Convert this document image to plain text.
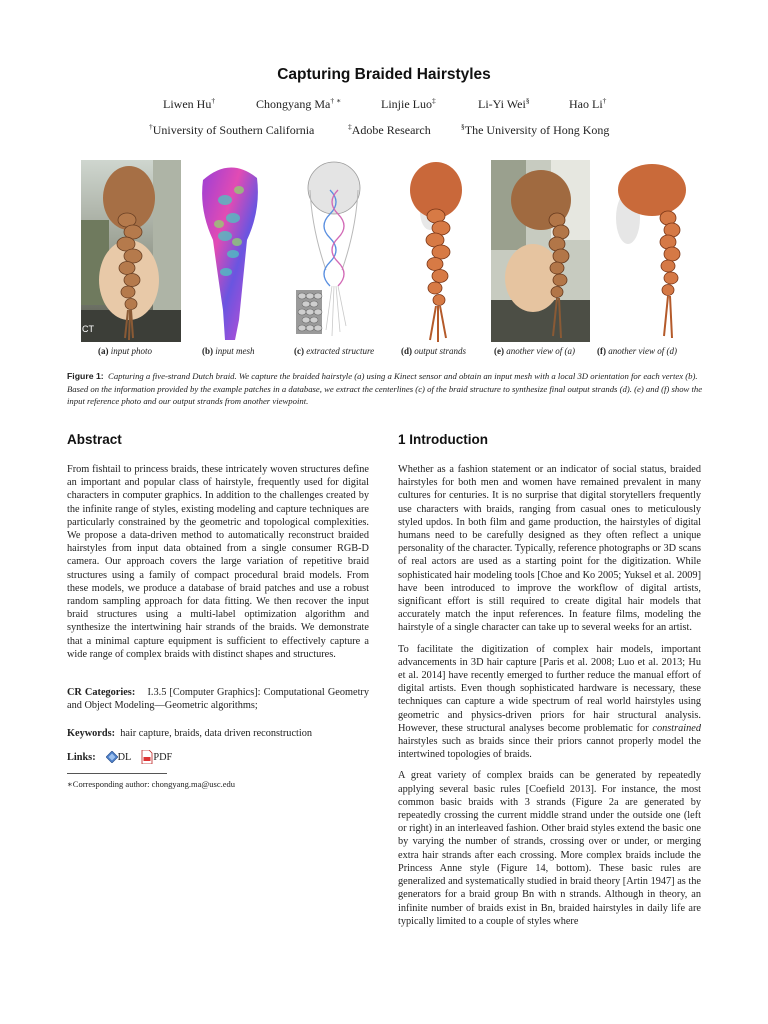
Capturing Braided Hairstyles
Liwen Hu†	Chongyang Ma† ∗	Linjie Luo‡	Li-Yi Wei§	Hao Li†
†University of Southern California	‡Adobe Research	§The University of Hong Kong
CT
(a) input photo	(b) input mesh	(c) extracted structure	(d) output strands	(e) another view of (a) (f) another view of (d)
Figure 1: Capturing a five-strand Dutch braid. We capture the braided hairstyle (a) using a Kinect sensor and obtain an input mesh with a local 3D orientation for each vertex (b). Based on the information provided by the example patches in a database, we extract the centerlines (c) of the braid structure to synthesize final output strands (d). (e) and (f) show the input reference photo and our output strands from another viewpoint.
Abstract

From fishtail to princess braids, these intricately woven structures define an important and popular class of hairstyle, frequently used for digital characters in computer graphics. In addition to the challenges created by the infinite range of styles, existing modeling and capture techniques are particularly constrained by the geometric and topological complexities. We propose a data-driven method to automatically reconstruct braided hairstyles from input data obtained from a single consumer RGB-D camera. Our approach covers the large variation of repetitive braid structures using a family of compact procedural braid models. From these models, we produce a database of braid patches and use a robust random sampling approach for data fitting. We then recover the input braid structures using a multi-label optimization algorithm and synthesize the intertwining hair strands of the braids. We demonstrate that a minimal capture equipment is sufficient to effectively capture a wide range of complex braids with distinct shapes and structures.

CR Categories: I.3.5 [Computer Graphics]: Computational Geometry and Object Modeling—Geometric algorithms;
Keywords: hair capture, braids, data driven reconstruction
Links: DL PDF
∗Corresponding author: chongyang.ma@usc.edu
1 Introduction

Whether as a fashion statement or an indicator of social status, braided hairstyles for both men and women have remained prevalent in many cultures for centuries. It is no surprise that digital storytellers frequently use characters with braids, ranging from casual ones to meticulously styled updos. In both film and game production, the hairstyles of digital humans need to be carefully designed as they often reflect a unique personality of the character. Typically, reference photographs or 3D scans of real actors are used as a starting point for the digitization. While sophisticated hair modeling tools [Choe and Ko 2005; Yuksel et al. 2009] have been introduced to improve the workflow of digital artists, significant effort is still required to create digital hair models that accurately match the input references. In feature films, modeling the hairstyle of a single character can take up to several weeks for an artist.

To facilitate the digitization of complex hair models, important advancements in 3D hair capture [Paris et al. 2008; Luo et al. 2013; Hu et al. 2014] have recently emerged to further reduce the manual effort of digital artists. Even though sophisticated hardware is necessary, these techniques can capture a wide spectrum of real world hairstyles using geometric and physics-driven priors for hair structural analysis. However, these structural analyses become problematic for constrained hairstyles such as braids since their priors cannot properly model the intertwined topologies of braids.

A great variety of complex braids can be generated by repeatedly applying several basic rules [Coefield 2013]. For instance, the most common basic braids with 3 strands (Figure 2a are generated by repeatedly crossing the current middle strand under the outside one (left or right) in an interleaved fashion. Other braid styles extend the basic one by varying the number of strands, crossing over or under, or merging extra hair strands after each crossing. More complex braids include the Princess Anne style (Figure 14, bottom). These basic rules are generalized and systematically studied in braid theory [Artin 1947] as the generators for a braid group Bn with n strands. Although in theory, an infinite number of braids exist in Bn, braided hairstyles in daily life are typically limited to a couple of styles where
